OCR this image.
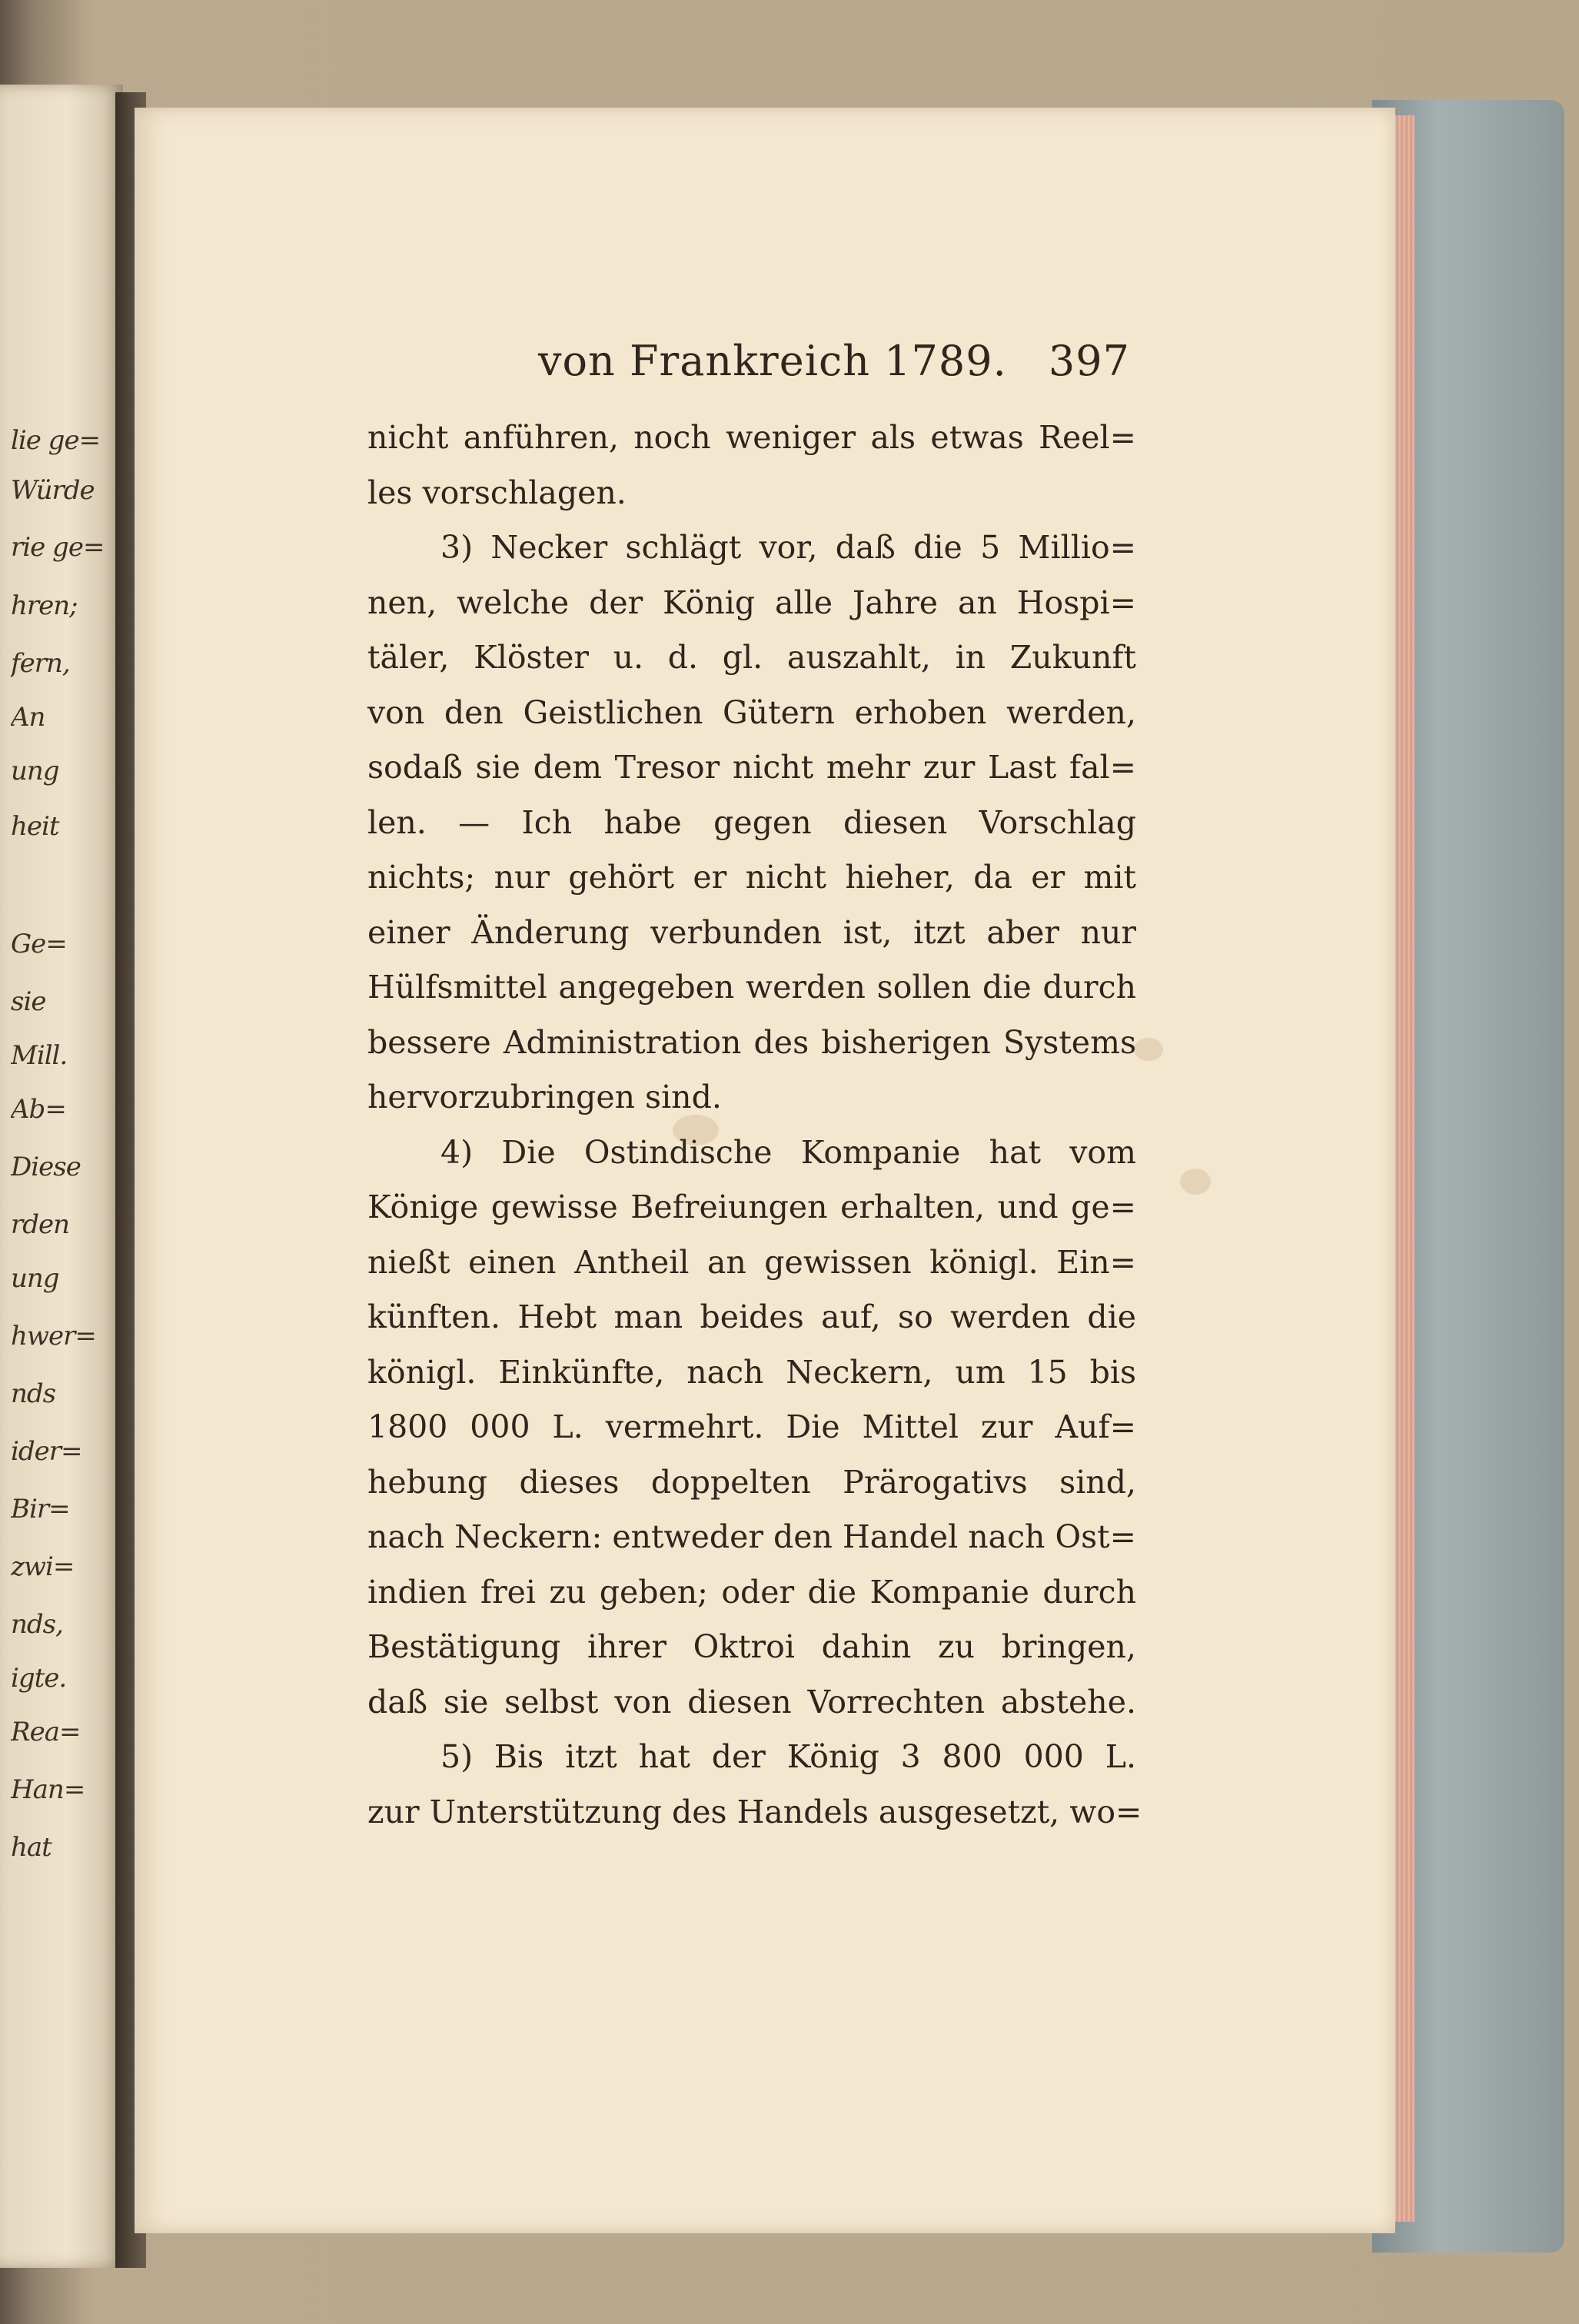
lie ge=
Würde
rie ge=
hren;
fern,
An
ung
heit
Ge=
sie
Mill.
Ab=
Diese
rden
ung
hwer=
nds
ider=
Bir=
zwi=
nds,
igte.
Rea=
Han=
hat
von Frankreich 1789. 397
nicht anführen, noch weniger als etwas Reel=
les vorschlagen.
3) Necker schlägt vor, daß die 5 Millio=
nen, welche der König alle Jahre an Hospi=
täler, Klöster u. d. gl. auszahlt, in Zukunft
von den Geistlichen Gütern erhoben werden,
sodaß sie dem Tresor nicht mehr zur Last fal=
len. — Ich habe gegen diesen Vorschlag
nichts; nur gehört er nicht hieher, da er mit
einer Änderung verbunden ist, itzt aber nur
Hülfsmittel angegeben werden sollen die durch
bessere Administration des bisherigen Systems
hervorzubringen sind.
4) Die Ostindische Kompanie hat vom
Könige gewisse Befreiungen erhalten, und ge=
nießt einen Antheil an gewissen königl. Ein=
künften. Hebt man beides auf, so werden die
königl. Einkünfte, nach Neckern, um 15 bis
1800 000 L. vermehrt. Die Mittel zur Auf=
hebung dieses doppelten Prärogativs sind,
nach Neckern: entweder den Handel nach Ost=
indien frei zu geben; oder die Kompanie durch
Bestätigung ihrer Oktroi dahin zu bringen,
daß sie selbst von diesen Vorrechten abstehe.
5) Bis itzt hat der König 3 800 000 L.
zur Unterstützung des Handels ausgesetzt, wo=
